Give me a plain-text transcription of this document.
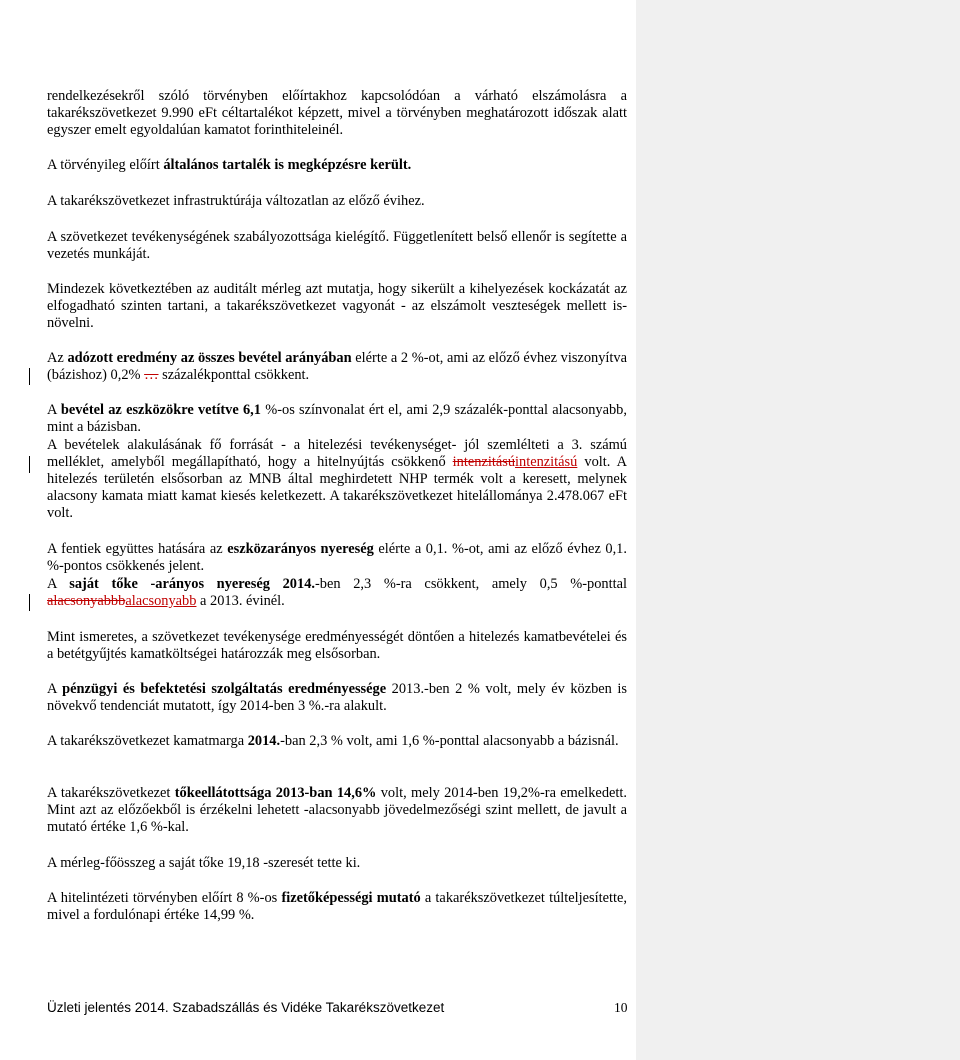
rendelkezésekről szóló törvényben előírtakhoz kapcsolódóan a várható elszámolásra a takarékszövetkezet 9.990 eFt céltartalékot képzett, mivel a törvényben meghatározott időszak alatt egyszer emelt egyoldalúan kamatot forinthiteleinél.

A törvényileg előírt általános tartalék is megképzésre került.

A takarékszövetkezet infrastruktúrája változatlan az előző évihez.

A szövetkezet tevékenységének szabályozottsága kielégítő. Függetlenített belső ellenőr is segítette a vezetés munkáját.

Mindezek következtében az auditált mérleg azt mutatja, hogy sikerült a kihelyezések kockázatát az elfogadható szinten tartani, a takarékszövetkezet vagyonát - az elszámolt veszteségek mellett is- növelni.

Az adózott eredmény az összes bevétel arányában elérte a 2 %-ot, ami az előző évhez viszonyítva (bázishoz) 0,2% … százalékponttal csökkent.

A bevétel az eszközökre vetítve 6,1 %-os színvonalat ért el, ami 2,9 százalék-ponttal alacsonyabb, mint a bázisban.

A bevételek alakulásának fő forrását - a hitelezési tevékenységet- jól szemlélteti a 3. számú melléklet, amelyből megállapítható, hogy a hitelnyújtás csökkenő intenzitásúintenzitású volt. A hitelezés területén elsősorban az MNB által meghirdetett NHP termék volt a keresett, melynek alacsony kamata miatt kamat kiesés keletkezett. A takarékszövetkezet hitelállománya 2.478.067 eFt volt.

A fentiek együttes hatására az eszközarányos nyereség elérte a 0,1. %-ot, ami az előző évhez 0,1. %-pontos csökkenés jelent.

A saját tőke -arányos nyereség 2014.-ben 2,3 %-ra csökkent, amely 0,5 %-ponttal alacsonyabbbalacsonyabb a 2013. évinél.

Mint ismeretes, a szövetkezet tevékenysége eredményességét döntően a hitelezés kamatbevételei és a betétgyűjtés kamatköltségei határozzák meg elsősorban.

A pénzügyi és befektetési szolgáltatás eredményessége 2013.-ben 2 % volt, mely év közben is növekvő tendenciát mutatott, így 2014-ben 3 %.-ra alakult.

A takarékszövetkezet kamatmarga 2014.-ban 2,3 % volt, ami 1,6 %-ponttal alacsonyabb a bázisnál.

A takarékszövetkezet tőkeellátottsága 2013-ban 14,6% volt, mely 2014-ben 19,2%-ra emelkedett. Mint azt az előzőekből is érzékelni lehetett -alacsonyabb jövedelmezőségi szint mellett, de javult a mutató értéke 1,6 %-kal.

A mérleg-főösszeg a saját tőke 19,18 -szeresét tette ki.

A hitelintézeti törvényben előírt 8 %-os fizetőképességi mutató a takarékszövetkezet túlteljesítette, mivel a fordulónapi értéke 14,99 %.

Üzleti jelentés 2014. Szabadszállás és Vidéke Takarékszövetkezet	10
